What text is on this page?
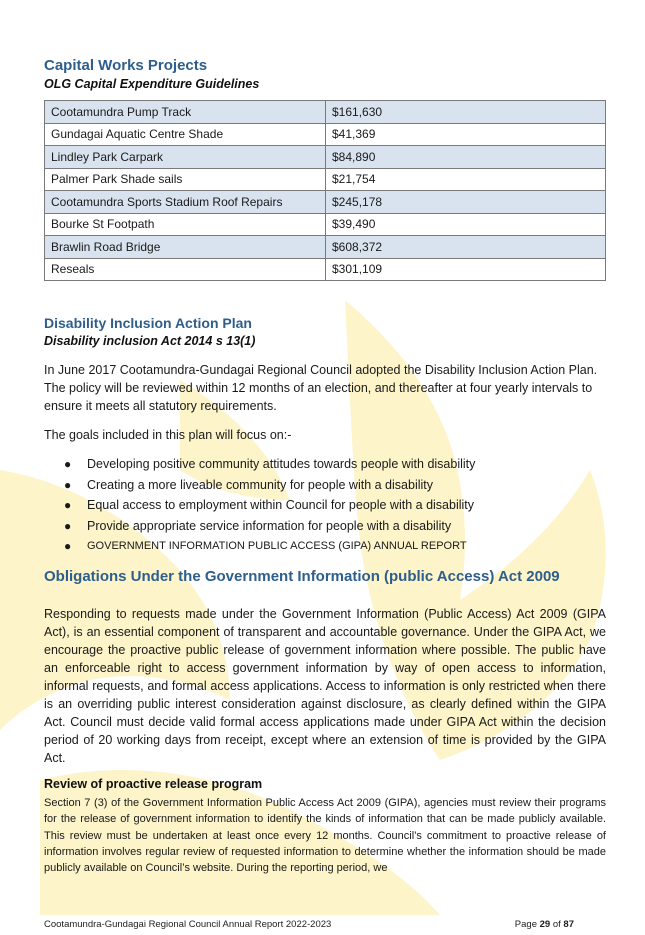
Capital Works Projects

OLG Capital Expenditure Guidelines

Cootamundra Pump Track	$161,630
Gundagai Aquatic Centre Shade	$41,369
Lindley Park Carpark	$84,890
Palmer Park Shade sails	$21,754
Cootamundra Sports Stadium Roof Repairs	$245,178
Bourke St Footpath	$39,490
Brawlin Road Bridge	$608,372
Reseals	$301,109
Disability Inclusion Action Plan

Disability inclusion Act 2014 s 13(1)

In June 2017 Cootamundra-Gundagai Regional Council adopted the Disability Inclusion Action Plan. The policy will be reviewed within 12 months of an election, and thereafter at four yearly intervals to ensure it meets all statutory requirements.

The goals included in this plan will focus on:-

● Developing positive community attitudes towards people with disability
● Creating a more liveable community for people with a disability
● Equal access to employment within Council for people with a disability
● Provide appropriate service information for people with a disability
● GOVERNMENT INFORMATION PUBLIC ACCESS (GIPA) ANNUAL REPORT
Obligations Under the Government Information (public Access) Act 2009

Responding to requests made under the Government Information (Public Access) Act 2009 (GIPA Act), is an essential component of transparent and accountable governance. Under the GIPA Act, we encourage the proactive public release of government information where possible. The public have an enforceable right to access government information by way of open access to information, informal requests, and formal access applications. Access to information is only restricted when there is an overriding public interest consideration against disclosure, as clearly defined within the GIPA Act. Council must decide valid formal access applications made under GIPA Act within the decision period of 20 working days from receipt, except where an extension of time is provided by the GIPA Act.

Review of proactive release program

Section 7 (3) of the Government Information Public Access Act 2009 (GIPA), agencies must review their programs for the release of government information to identify the kinds of information that can be made publicly available. This review must be undertaken at least once every 12 months. Council’s commitment to proactive release of information involves regular review of requested information to determine whether the information should be made publicly available on Council’s website. During the reporting period, we

Cootamundra-Gundagai Regional Council Annual Report 2022-2023	Page 29 of 87
